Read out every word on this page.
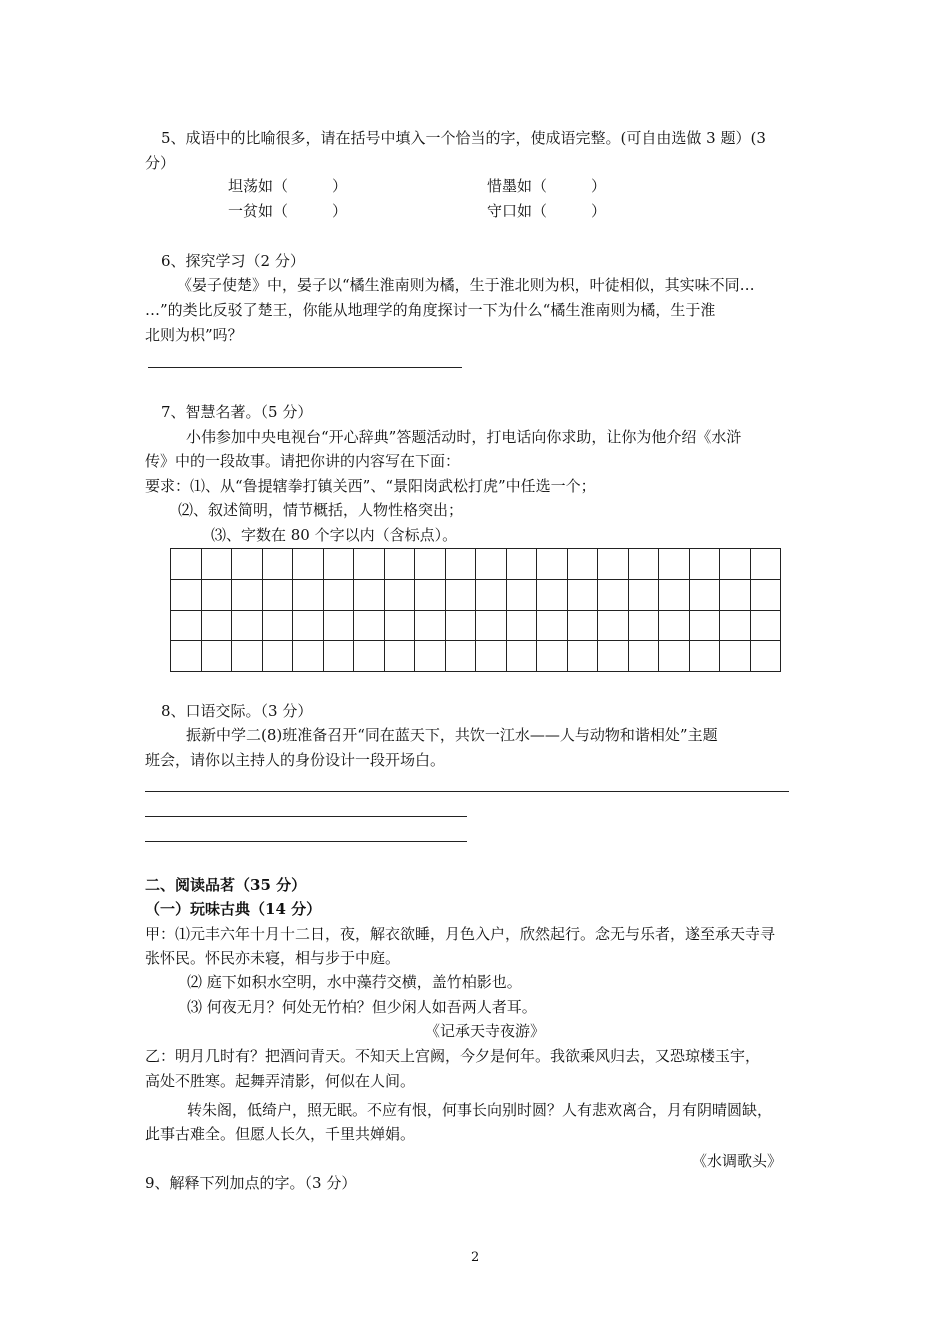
5、成语中的比喻很多，请在括号中填入一个恰当的字，使成语完整。(可自由选做 3 题）(3
分）
坦荡如（	）	惜墨如（	）
一贫如（	）	守口如（	）
6、探究学习（2 分）
《晏子使楚》中，晏子以“橘生淮南则为橘，生于淮北则为枳，叶徒相似，其实味不同…
…”的类比反驳了楚王，你能从地理学的角度探讨一下为什么“橘生淮南则为橘，生于淮
北则为枳”吗？
7、智慧名著。（5 分）
小伟参加中央电视台“开心辞典”答题活动时，打电话向你求助，让你为他介绍《水浒
传》中的一段故事。请把你讲的内容写在下面：
要求：⑴、从“鲁提辖拳打镇关西”、“景阳岗武松打虎”中任选一个；
⑵、叙述简明，情节概括，人物性格突出；
⑶、字数在 80 个字以内（含标点）。

8、口语交际。（3 分）
振新中学二(8)班准备召开“同在蓝天下，共饮一江水——人与动物和谐相处”主题
班会，请你以主持人的身份设计一段开场白。
二、阅读品茗（35 分）
（一）玩味古典（14 分）
甲：⑴元丰六年十月十二日，夜，解衣欲睡，月色入户，欣然起行。念无与乐者，遂至承天寺寻
张怀民。怀民亦未寝，相与步于中庭。
⑵ 庭下如积水空明，水中藻荇交横，盖竹柏影也。
⑶ 何夜无月？何处无竹柏？但少闲人如吾两人者耳。
《记承天寺夜游》
乙：明月几时有？把酒问青天。不知天上宫阙，今夕是何年。我欲乘风归去，又恐琼楼玉宇，
高处不胜寒。起舞弄清影，何似在人间。
转朱阁，低绮户，照无眠。不应有恨，何事长向别时圆？人有悲欢离合，月有阴晴圆缺，
此事古难全。但愿人长久，千里共婵娟。
《水调歌头》
9、解释下列加点的字。（3 分）
2
